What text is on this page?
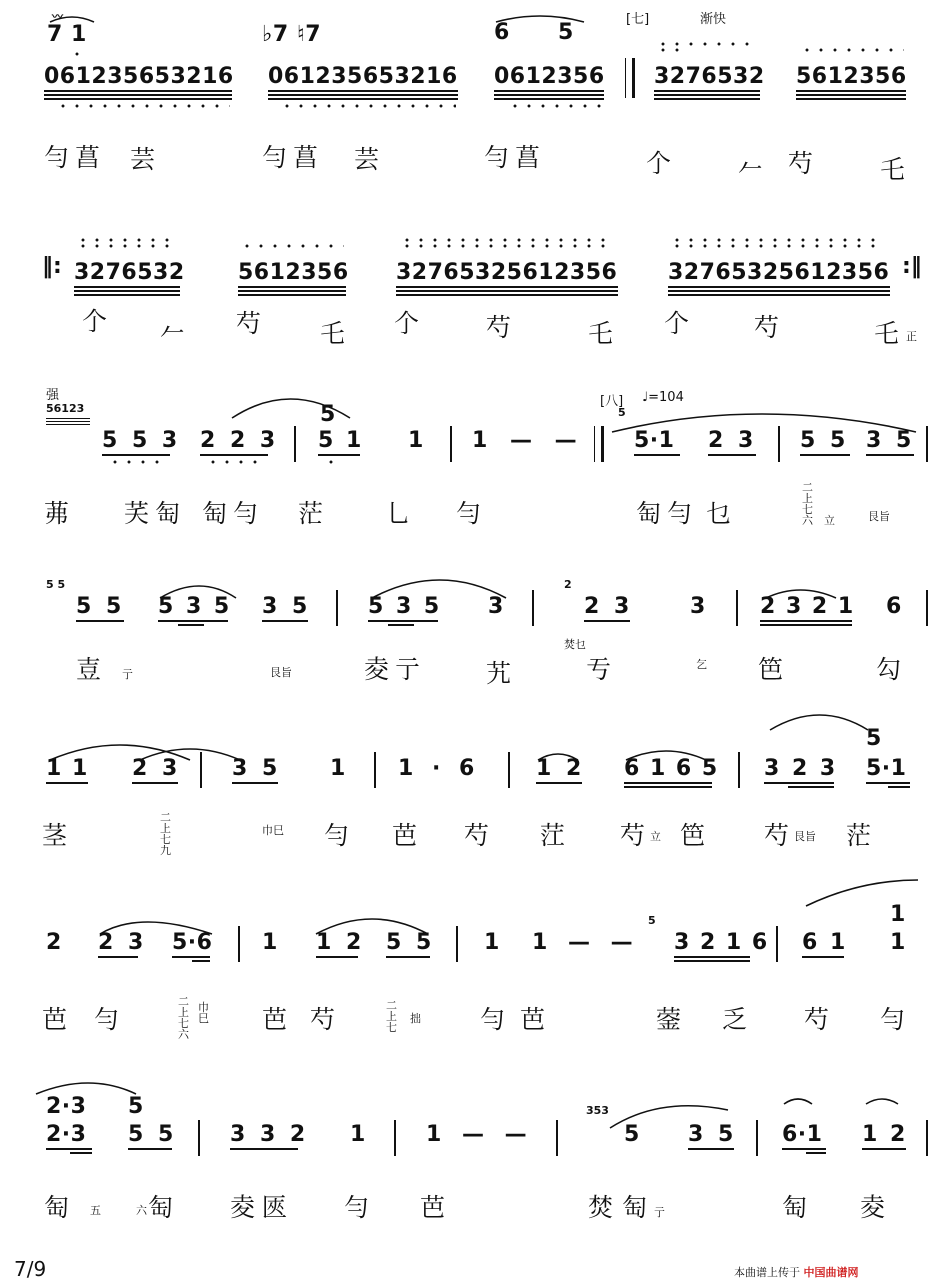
〰
7 1
061235653216
♭7 ♮7
061235653216
6 5
0612356
[七]	渐快
3276532 5612356
勻菖 芸	勻菖 芸	勻菖	𠆤 𠂉 芍 乇
‖: 3276532 5612356 32765325612356 32765325612356 :‖
𠆤 𠂉 芍 乇 𠆤 芍	乇 𠆤 芍	乇 正
强
56123
5 5 3 2 2 3
5
5 1 1 1 — —
[八] ♩=104
5
5·1 2 3 5 5 3 5
茀 芺匋 匋勻 茫 乚 勻	匋勻 乜
二上七六 立	艮旨
5 5
5 5 5 3 5 3 5	5 3 5 3
2
2 3	3 2 3 2 1 6
壴 亍	艮旨	夌亍 艽
焚乜
亐	乞 笆	勾
1 1 2 3 3 5 1 1 · 6	1 2 6 1 6 5 3 2 3
5
5·1
茎
二上七九
巾巳 勻 芭 芍 茳 芍
立 笆 芍
艮旨 茫
2 2 3 5·6 1 1 2 5 5 1 1 — —
5
3 2 1 6 6 1
1
1
芭 勻
二上七六
巾巳 芭 芍	二上七
拙 勻 芭	蓥 乏 芍 勻
2·3 5
2·3 5 5	3 3 2 1	1 — —
353
5 3 5 6·1 1 2
匋 五	六 匋 夌 匧 勻 芭	焚 匋 亍	匋 夌
7/9	本曲谱上传于 中国曲谱网
